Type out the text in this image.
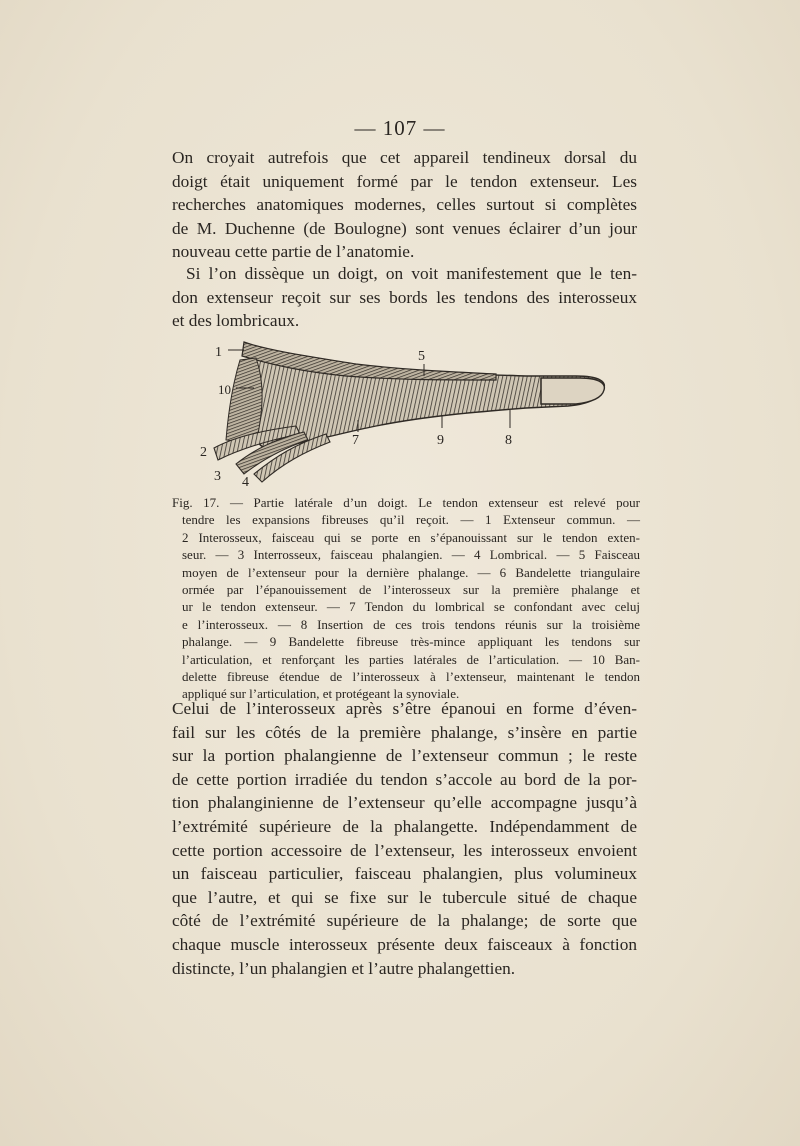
— 107 —

On croyait autrefois que cet appareil tendineux dorsal du
doigt était uniquement formé par le tendon extenseur. Les
recherches anatomiques modernes, celles surtout si complètes
de M. Duchenne (de Boulogne) sont venues éclairer d’un jour
nouveau cette partie de l’anatomie.

Si l’on dissèque un doigt, on voit manifestement que le ten-
don extenseur reçoit sur ses bords les tendons des interosseux
et des lombricaux.

1
10
2
3 4
5
7	9	8

Fig. 17. — Partie latérale d’un doigt. Le tendon extenseur est relevé pour
tendre les expansions fibreuses qu’il reçoit. — 1 Extenseur commun. —
2 Interosseux, faisceau qui se porte en s’épanouissant sur le tendon exten-
seur. — 3 Interrosseux, faisceau phalangien. — 4 Lombrical. — 5 Faisceau
moyen de l’extenseur pour la dernière phalange. — 6 Bandelette triangulaire
ormée par l’épanouissement de l’interosseux sur la première phalange et
ur le tendon extenseur. — 7 Tendon du lombrical se confondant avec celuj
e l’interosseux. — 8 Insertion de ces trois tendons réunis sur la troisième
phalange. — 9 Bandelette fibreuse très-mince appliquant les tendons sur
l’articulation, et renforçant les parties latérales de l’articulation. — 10 Ban-
delette fibreuse étendue de l’interosseux à l’extenseur, maintenant le tendon
appliqué sur l’articulation, et protégeant la synoviale.

Celui de l’interosseux après s’être épanoui en forme d’éven-
fail sur les côtés de la première phalange, s’insère en partie
sur la portion phalangienne de l’extenseur commun ; le reste
de cette portion irradiée du tendon s’accole au bord de la por-
tion phalanginienne de l’extenseur qu’elle accompagne jusqu’à
l’extrémité supérieure de la phalangette. Indépendamment de
cette portion accessoire de l’extenseur, les interosseux envoient
un faisceau particulier, faisceau phalangien, plus volumineux
que l’autre, et qui se fixe sur le tubercule situé de chaque
côté de l’extrémité supérieure de la phalange; de sorte que
chaque muscle interosseux présente deux faisceaux à fonction
distincte, l’un phalangien et l’autre phalangettien.
